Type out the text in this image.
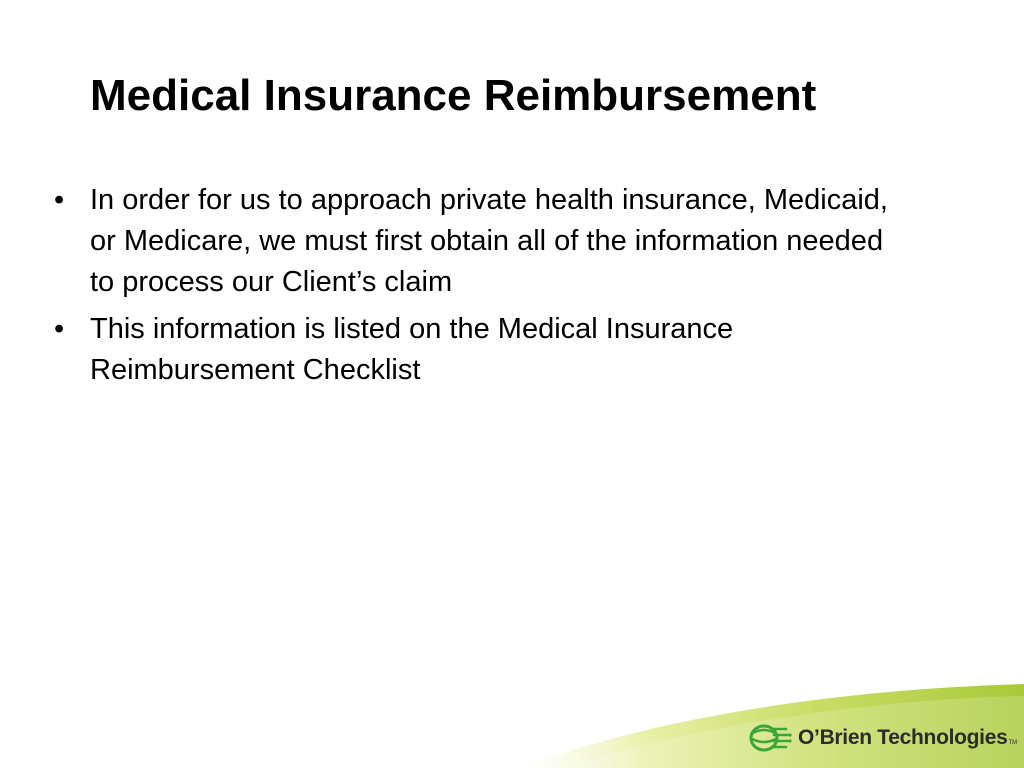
Medical Insurance Reimbursement
• In order for us to approach private health insurance, Medicaid, or Medicare, we must first obtain all of the information needed to process our Client’s claim
• This information is listed on the Medical Insurance Reimbursement Checklist
O’Brien Technologies TM
